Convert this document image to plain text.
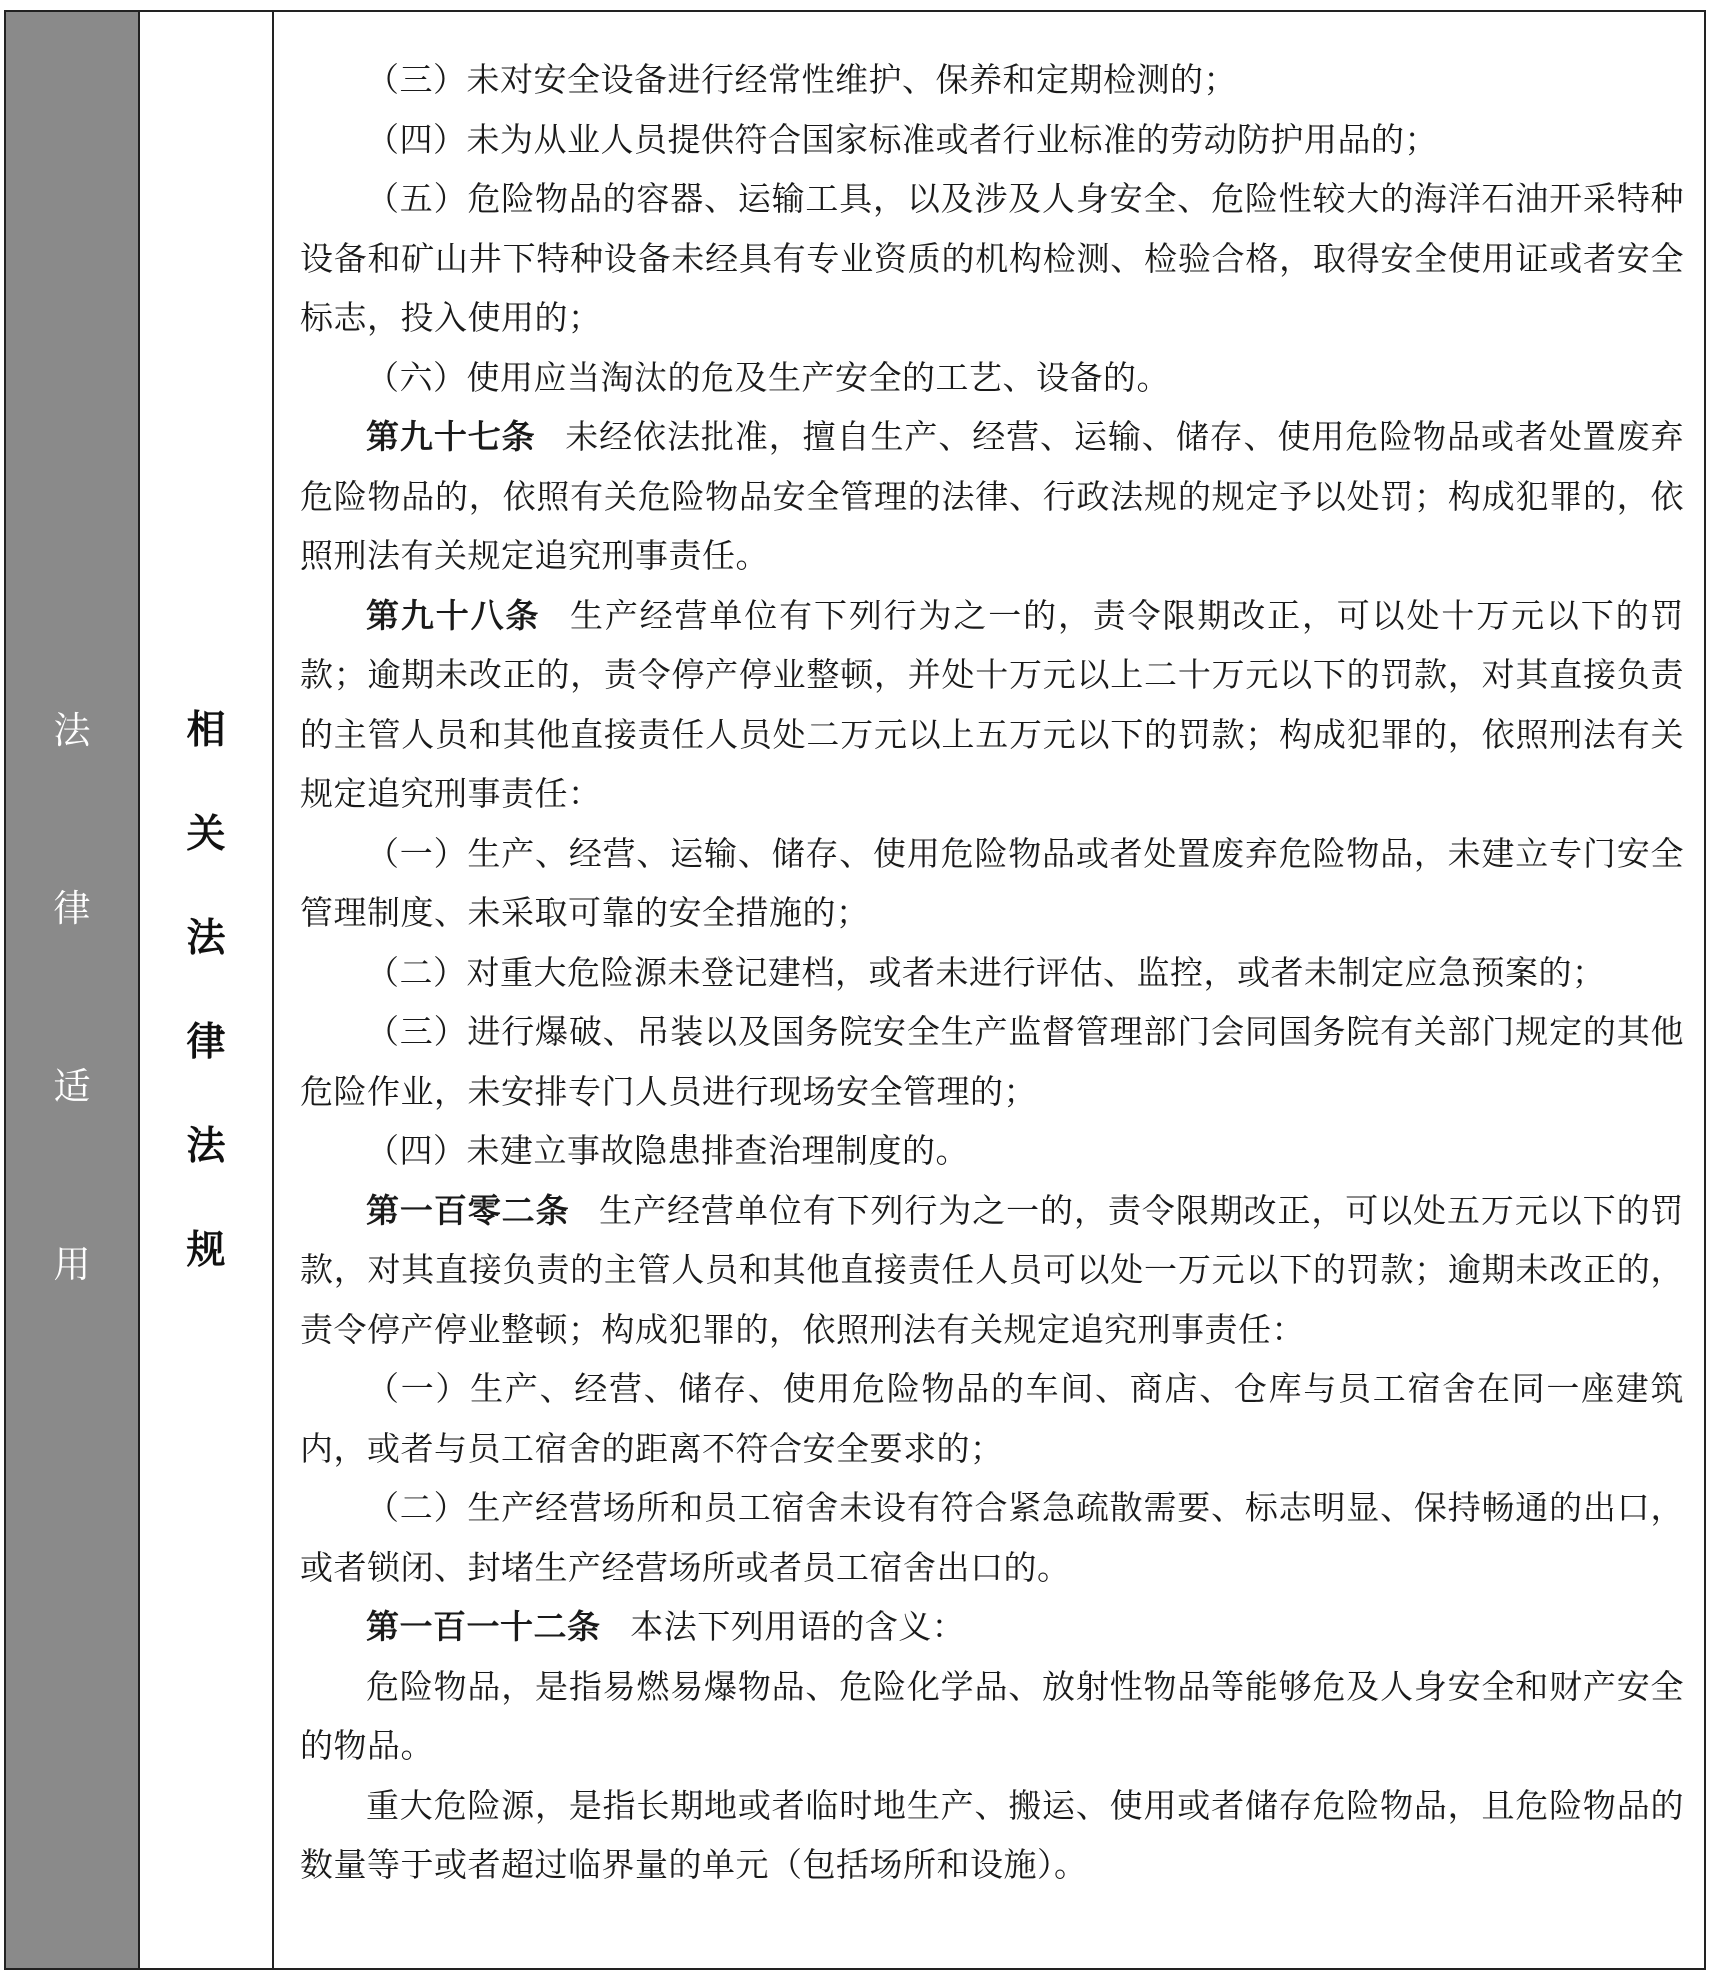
法
律
适
用
相
关
法
律
法
规

（三）未对安全设备进行经常性维护、保养和定期检测的；

（四）未为从业人员提供符合国家标准或者行业标准的劳动防护用品的；

（五）危险物品的容器、运输工具，以及涉及人身安全、危险性较大的海洋石油开采特种设备和矿山井下特种设备未经具有专业资质的机构检测、检验合格，取得安全使用证或者安全标志，投入使用的；

（六）使用应当淘汰的危及生产安全的工艺、设备的。

第九十七条 未经依法批准，擅自生产、经营、运输、储存、使用危险物品或者处置废弃危险物品的，依照有关危险物品安全管理的法律、行政法规的规定予以处罚；构成犯罪的，依照刑法有关规定追究刑事责任。

第九十八条 生产经营单位有下列行为之一的，责令限期改正，可以处十万元以下的罚款；逾期未改正的，责令停产停业整顿，并处十万元以上二十万元以下的罚款，对其直接负责的主管人员和其他直接责任人员处二万元以上五万元以下的罚款；构成犯罪的，依照刑法有关规定追究刑事责任：

（一）生产、经营、运输、储存、使用危险物品或者处置废弃危险物品，未建立专门安全管理制度、未采取可靠的安全措施的；

（二）对重大危险源未登记建档，或者未进行评估、监控，或者未制定应急预案的；

（三）进行爆破、吊装以及国务院安全生产监督管理部门会同国务院有关部门规定的其他危险作业，未安排专门人员进行现场安全管理的；

（四）未建立事故隐患排查治理制度的。

第一百零二条 生产经营单位有下列行为之一的，责令限期改正，可以处五万元以下的罚款，对其直接负责的主管人员和其他直接责任人员可以处一万元以下的罚款；逾期未改正的，责令停产停业整顿；构成犯罪的，依照刑法有关规定追究刑事责任：

（一）生产、经营、储存、使用危险物品的车间、商店、仓库与员工宿舍在同一座建筑内，或者与员工宿舍的距离不符合安全要求的；

（二）生产经营场所和员工宿舍未设有符合紧急疏散需要、标志明显、保持畅通的出口，或者锁闭、封堵生产经营场所或者员工宿舍出口的。

第一百一十二条 本法下列用语的含义：

危险物品，是指易燃易爆物品、危险化学品、放射性物品等能够危及人身安全和财产安全的物品。

重大危险源，是指长期地或者临时地生产、搬运、使用或者储存危险物品，且危险物品的数量等于或者超过临界量的单元（包括场所和设施）。
